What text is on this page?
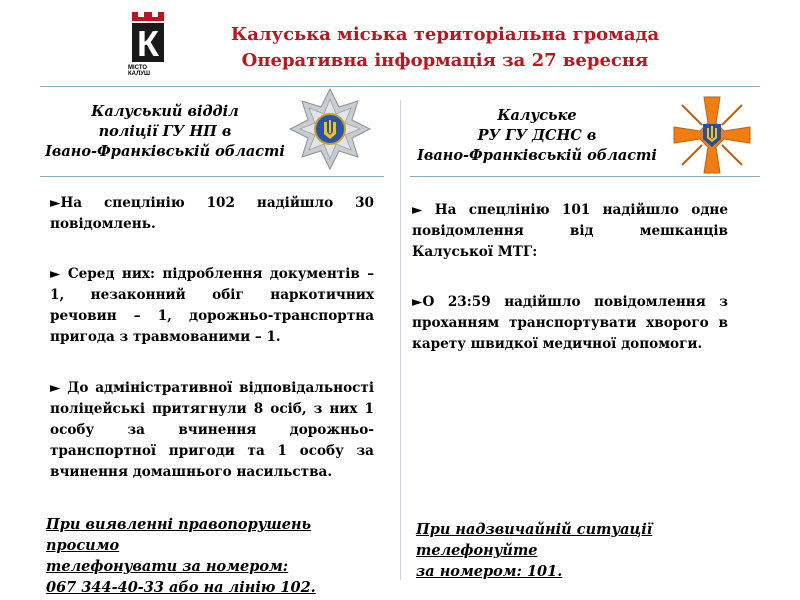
К
МІСТО
КАЛУШ
Калуська міська територіальна громада
Оперативна інформація за 27 вересня
Калуський відділ
поліції ГУ НП в
Івано-Франківській області

►На спецлінію 102 надійшло 30 повідомлень.

► Серед них: підроблення документів – 1, незаконний обіг наркотичних речовин – 1, дорожньо-транспортна пригода з травмованими – 1.

► До адміністративної відповідальності поліцейські притягнули 8 осіб, з них 1 особу за вчинення дорожньо-транспортної пригоди та 1 особу за вчинення домашнього насильства.

При виявленні правопорушень просимо
телефонувати за номером:
067 344-40-33 або на лінію 102.
Калуське
РУ ГУ ДСНС в
Івано-Франківській області

► На спецлінію 101 надійшло одне повідомлення від мешканців Калуської МТГ:

►О 23:59 надійшло повідомлення з проханням транспортувати хворого в карету швидкої медичної допомоги.

При надзвичайній ситуації телефонуйте
за номером: 101.
